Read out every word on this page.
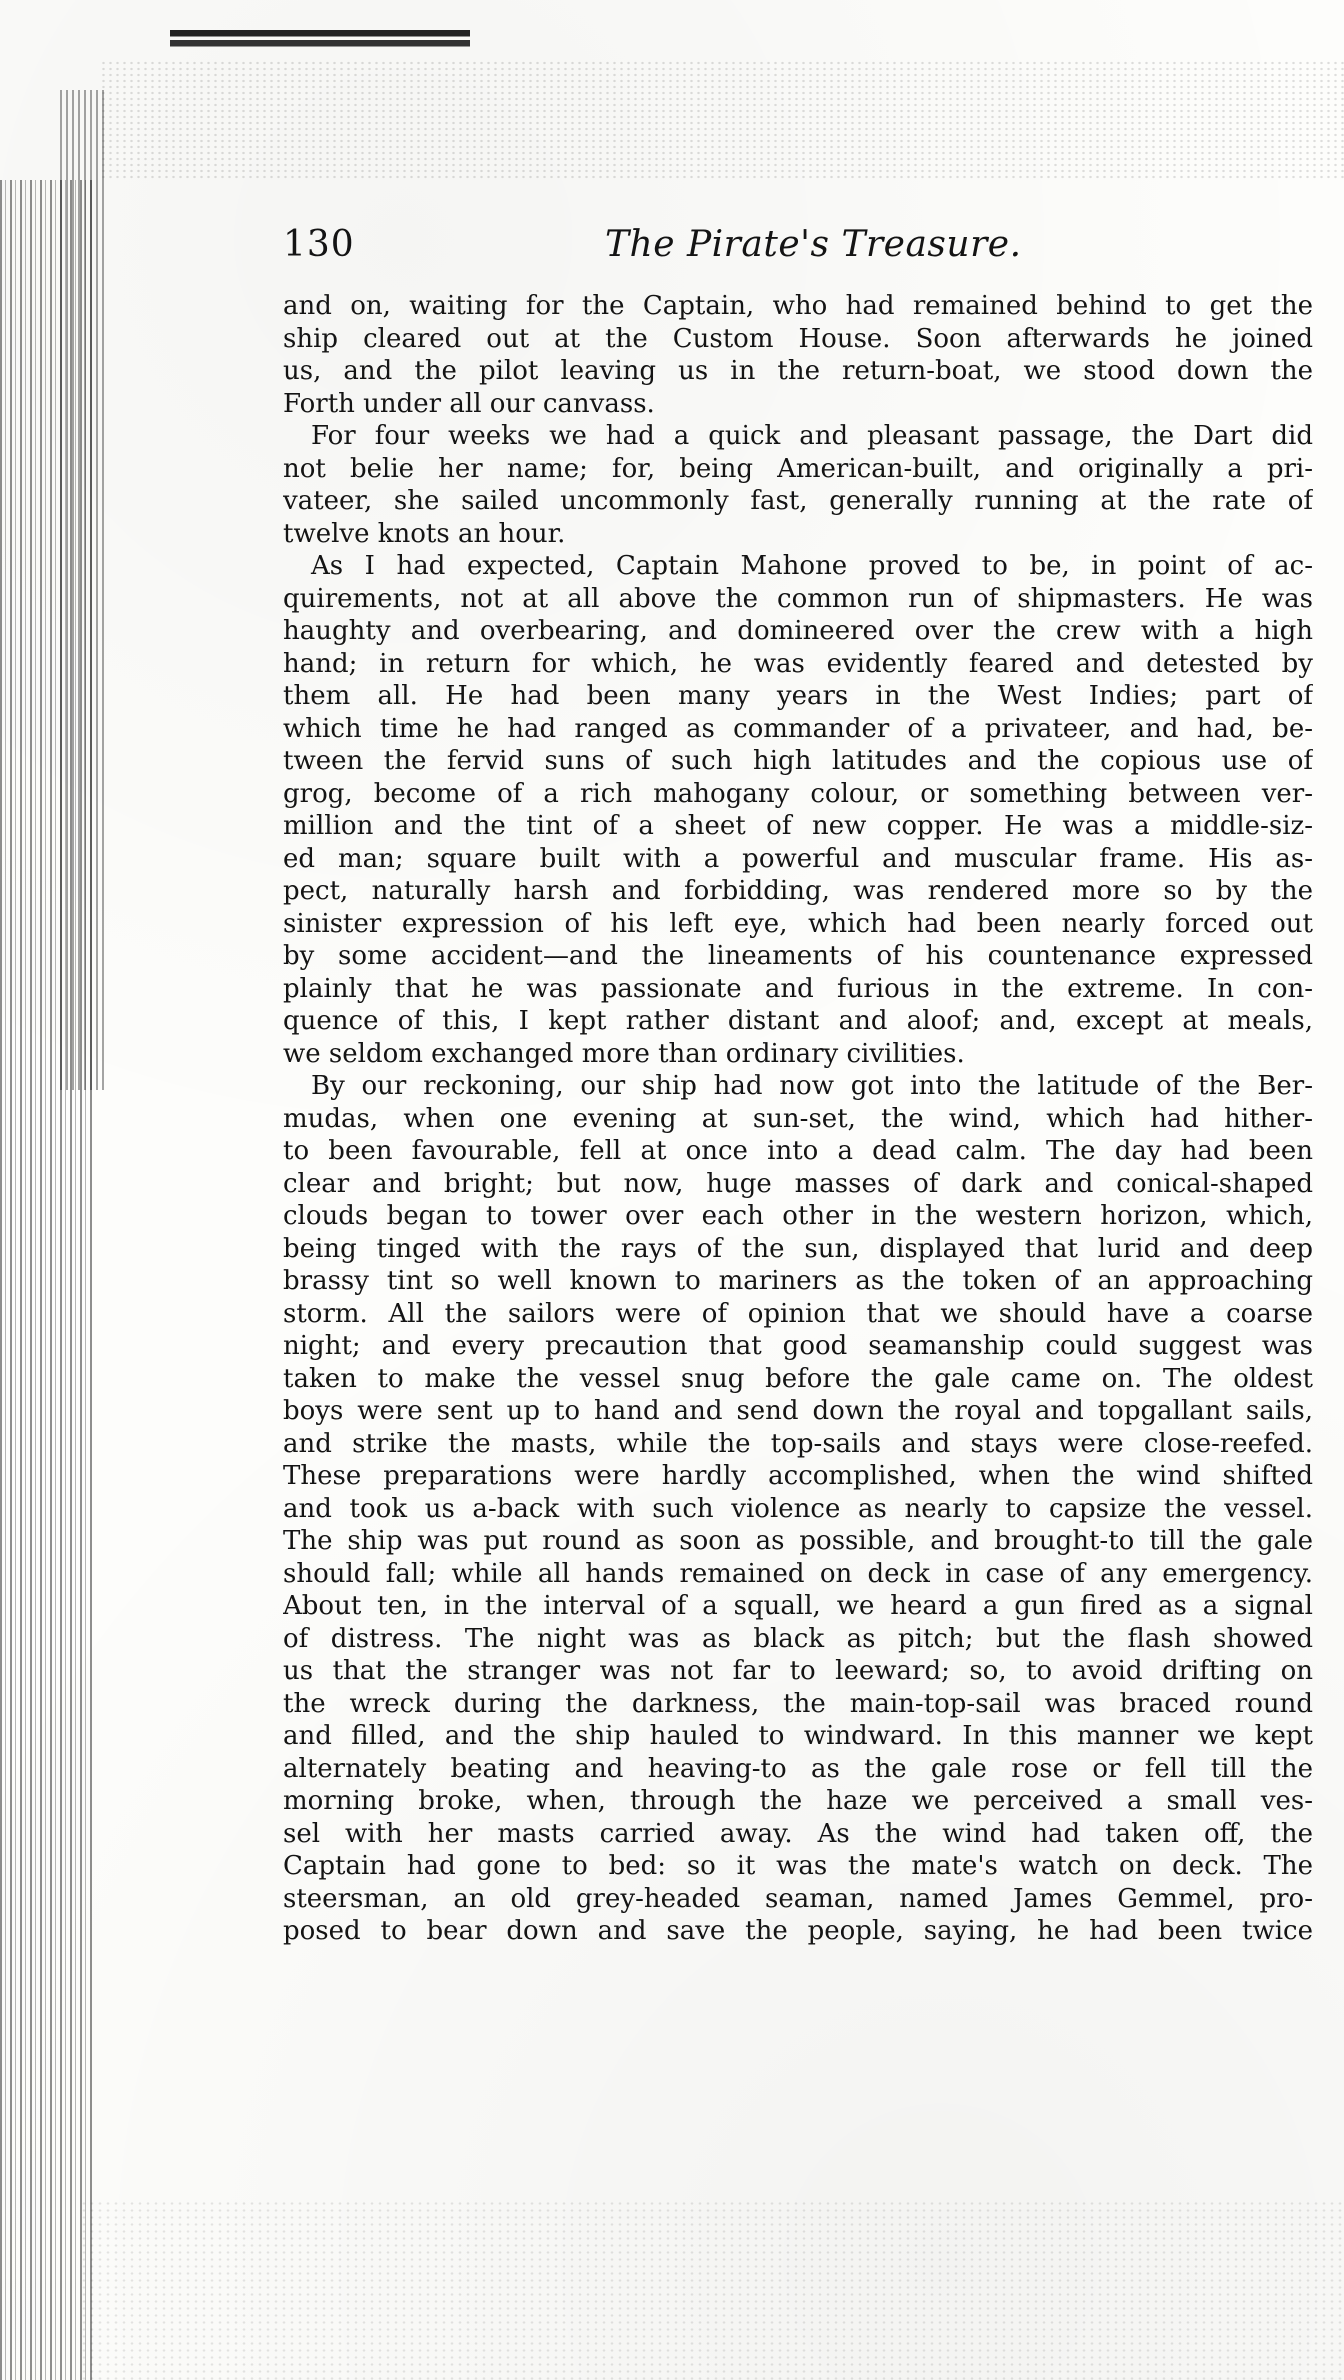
130	The Pirate's Treasure.
and on, waiting for the Captain, who had remained behind to get the
ship cleared out at the Custom House. Soon afterwards he joined
us, and the pilot leaving us in the return-boat, we stood down the
Forth under all our canvass.
For four weeks we had a quick and pleasant passage, the Dart did
not belie her name; for, being American-built, and originally a pri-
vateer, she sailed uncommonly fast, generally running at the rate of
twelve knots an hour.
As I had expected, Captain Mahone proved to be, in point of ac-
quirements, not at all above the common run of shipmasters. He was
haughty and overbearing, and domineered over the crew with a high
hand; in return for which, he was evidently feared and detested by
them all. He had been many years in the West Indies; part of
which time he had ranged as commander of a privateer, and had, be-
tween the fervid suns of such high latitudes and the copious use of
grog, become of a rich mahogany colour, or something between ver-
million and the tint of a sheet of new copper. He was a middle-siz-
ed man; square built with a powerful and muscular frame. His as-
pect, naturally harsh and forbidding, was rendered more so by the
sinister expression of his left eye, which had been nearly forced out
by some accident—and the lineaments of his countenance expressed
plainly that he was passionate and furious in the extreme. In con-
quence of this, I kept rather distant and aloof; and, except at meals,
we seldom exchanged more than ordinary civilities.
By our reckoning, our ship had now got into the latitude of the Ber-
mudas, when one evening at sun-set, the wind, which had hither-
to been favourable, fell at once into a dead calm. The day had been
clear and bright; but now, huge masses of dark and conical-shaped
clouds began to tower over each other in the western horizon, which,
being tinged with the rays of the sun, displayed that lurid and deep
brassy tint so well known to mariners as the token of an approaching
storm. All the sailors were of opinion that we should have a coarse
night; and every precaution that good seamanship could suggest was
taken to make the vessel snug before the gale came on. The oldest
boys were sent up to hand and send down the royal and topgallant sails,
and strike the masts, while the top-sails and stays were close-reefed.
These preparations were hardly accomplished, when the wind shifted
and took us a-back with such violence as nearly to capsize the vessel.
The ship was put round as soon as possible, and brought-to till the gale
should fall; while all hands remained on deck in case of any emergency.
About ten, in the interval of a squall, we heard a gun fired as a signal
of distress. The night was as black as pitch; but the flash showed
us that the stranger was not far to leeward; so, to avoid drifting on
the wreck during the darkness, the main-top-sail was braced round
and filled, and the ship hauled to windward. In this manner we kept
alternately beating and heaving-to as the gale rose or fell till the
morning broke, when, through the haze we perceived a small ves-
sel with her masts carried away. As the wind had taken off, the
Captain had gone to bed: so it was the mate's watch on deck. The
steersman, an old grey-headed seaman, named James Gemmel, pro-
posed to bear down and save the people, saying, he had been twice
